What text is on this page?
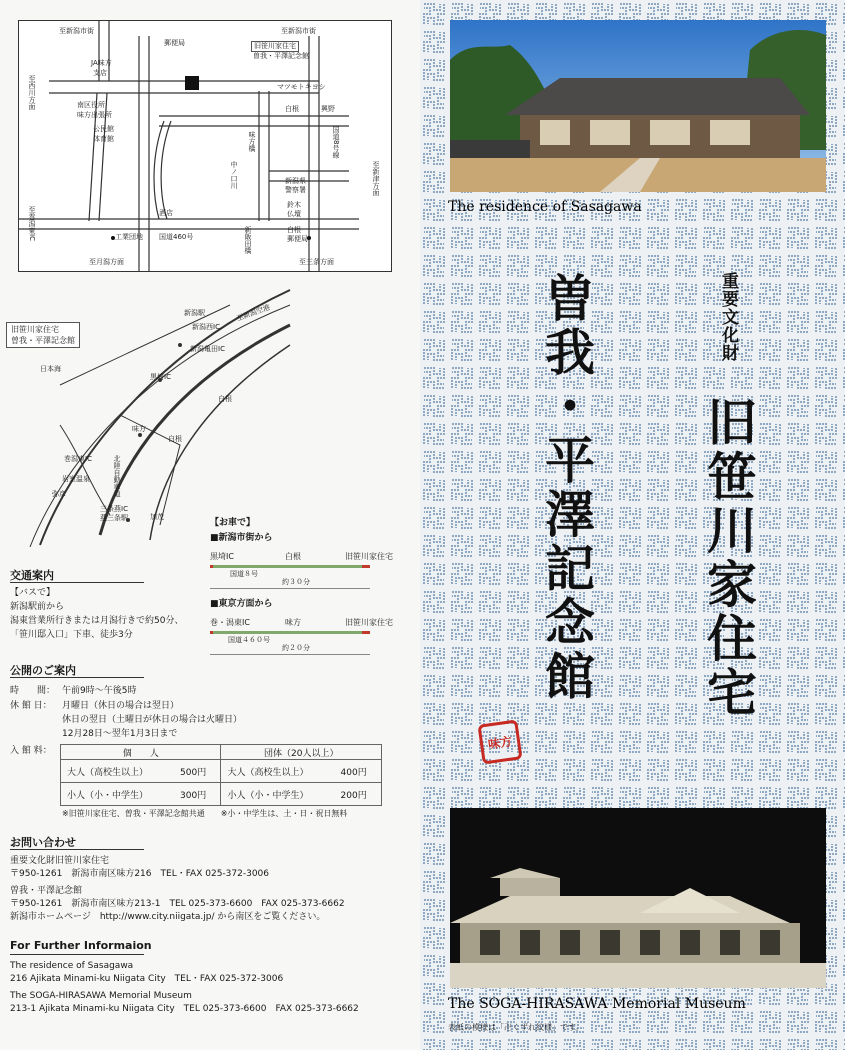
至新潟市街
郵便局	旧笹川家住宅
曽我・平澤記念館
至新潟市街
JA味方
支店
至西川方面	南区役所
味方出張所
マツモトキヨシ
白根	興野
国道8号線
公民館
体育館	味方橋
中ノ口川	新潟県
警察署
鈴木
仏壇
白根
郵便局
至新津方面
至巻潟東IC	酒店
工業団地 国道460号	新飯田橋
至月潟方面	至三条方面
旧笹川家住宅
曽我・平澤記念館
日本海
新潟西IC
新潟亀田IC
黒埼IC
白根
巻潟東IC
味方
北陸自動車道
三条燕IC
燕三条駅
至新潟空港
新潟駅
岩室温泉
弥彦
白根
加茂
【お車で】
■新潟市街から
黒埼IC	白根	旧笹川家住宅
国道８号
約３０分
■東京方面から
巻・潟東IC	味方	旧笹川家住宅
国道４６０号
約２０分
交通案内
【バスで】
新潟駅前から
潟東営業所行きまたは月潟行きで約50分、
「笹川邸入口」下車、徒歩3分
公開のご案内
時　　間： 午前9時〜午後5時
休 館 日： 月曜日（休日の場合は翌日）
休日の翌日（土曜日が休日の場合は火曜日）
12月28日〜翌年1月3日まで
入 館 料：	個　　人		団体（20人以上）	
大人（高校生以上）	500円	大人（高校生以上）	400円
小人（小・中学生）	300円	小人（小・中学生）	200円
※旧笹川家住宅、曽我・平澤記念館共通　　※小・中学生は、土・日・祝日無料
お問い合わせ
重要文化財旧笹川家住宅
〒950-1261　新潟市南区味方216　TEL・FAX 025-372-3006
曽我・平澤記念館
〒950-1261　新潟市南区味方213-1　TEL 025-373-6600　FAX 025-373-6662
新潟市ホームページ　http://www.city.niigata.jp/ から南区をご覧ください。
For Further Informaion
The residence of Sasagawa
216 Ajikata Minami-ku Niigata City　TEL・FAX 025-372-3006
The SOGA-HIRASAWA Memorial Museum
213-1 Ajikata Minami-ku Niigata City　TEL 025-373-6600　FAX 025-373-6662
The residence of Sasagawa
重要文化財
旧笹川家住宅
曽我・平澤記念館
味方
The SOGA-HIRASAWA Memorial Museum
表紙の模様は「卍くずれ紋様」です。
